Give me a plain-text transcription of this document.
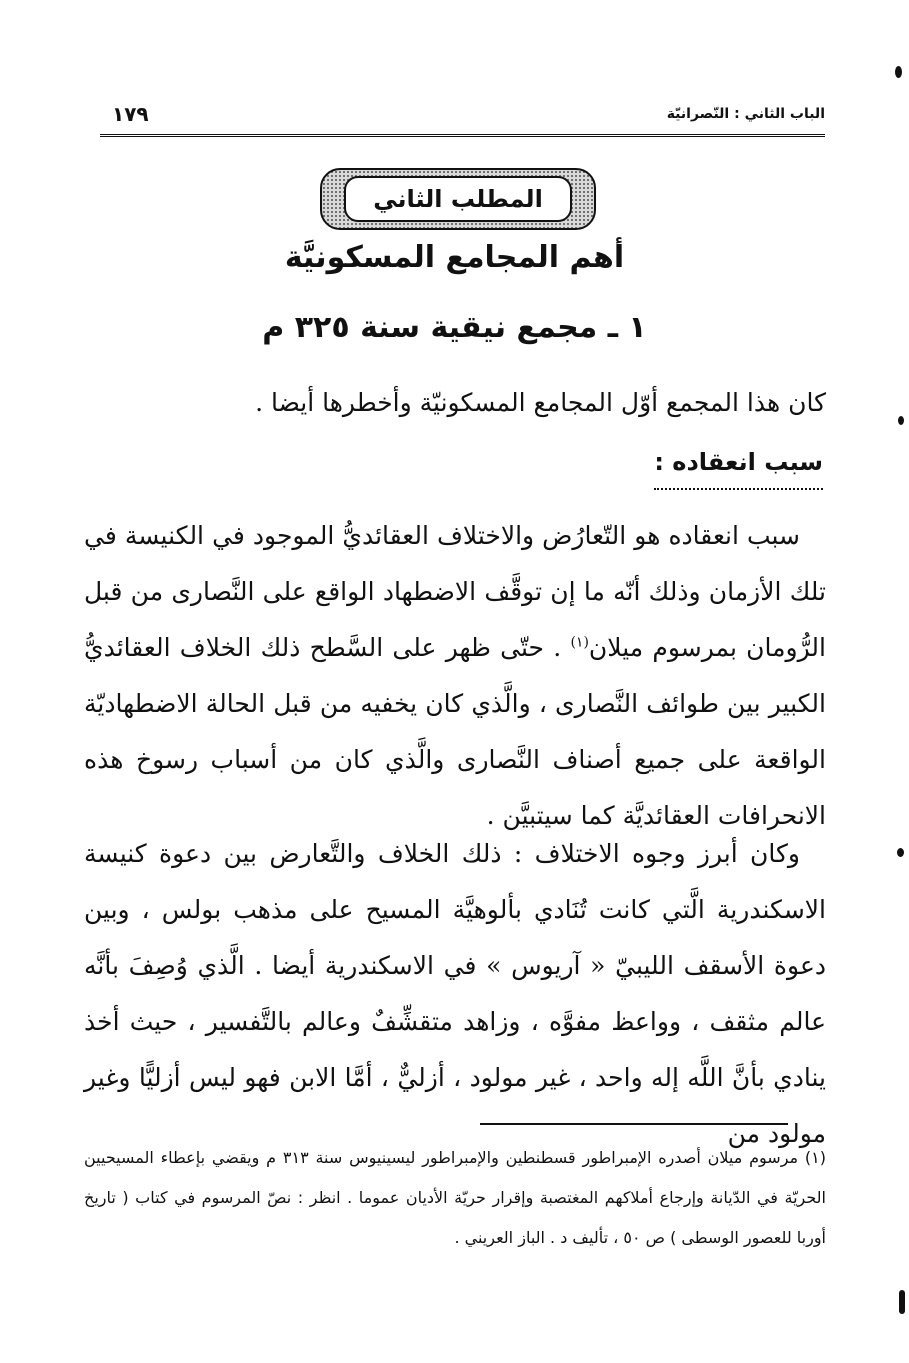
١٧٩	الباب الثاني : النّصرانيّة
المطلب الثاني
أهم المجامع المسكونيَّة
١ ـ مجمع نيقية سنة ٣٢٥ م

كان هذا المجمع أوّل المجامع المسكونيّة وأخطرها أيضا .

سبب انعقاده :

سبب انعقاده هو التّعارُض والاختلاف العقائديُّ الموجود في الكنيسة في تلك الأزمان وذلك أنّه ما إن توقَّف الاضطهاد الواقع على النَّصارى من قبل الرُّومان بمرسوم ميلان$^{(١)}$ . حتّى ظهر على السَّطح ذلك الخلاف العقائديُّ الكبير بين طوائف النَّصارى ، والَّذي كان يخفيه من قبل الحالة الاضطهاديّة الواقعة على جميع أصناف النَّصارى والَّذي كان من أسباب رسوخ هذه الانحرافات العقائديَّة كما سيتبيَّن .

وكان أبرز وجوه الاختلاف : ذلك الخلاف والتَّعارض بين دعوة كنيسة الاسكندرية الَّتي كانت تُنَادي بألوهيَّة المسيح على مذهب بولس ، وبين دعوة الأسقف الليبيّ « آريوس » في الاسكندرية أيضا . الَّذي وُصِفَ بأنَّه عالم مثقف ، وواعظ مفوَّه ، وزاهد متقشِّفٌ وعالم بالتَّفسير ، حيث أخذ ينادي بأنَّ اللَّه إله واحد ، غير مولود ، أزليٌّ ، أمَّا الابن فهو ليس أزليًّا وغير مولود من

(١) مرسوم ميلان أصدره الإمبراطور قسطنطين والإمبراطور ليسينيوس سنة ٣١٣ م ويقضي بإعطاء المسيحيين الحريّة في الدّيانة وإرجاع أملاكهم المغتصبة وإقرار حريّة الأديان عموما . انظر : نصّ المرسوم في كتاب ( تاريخ أوربا للعصور الوسطى ) ص ٥٠ ، تأليف د . الباز العريني .
